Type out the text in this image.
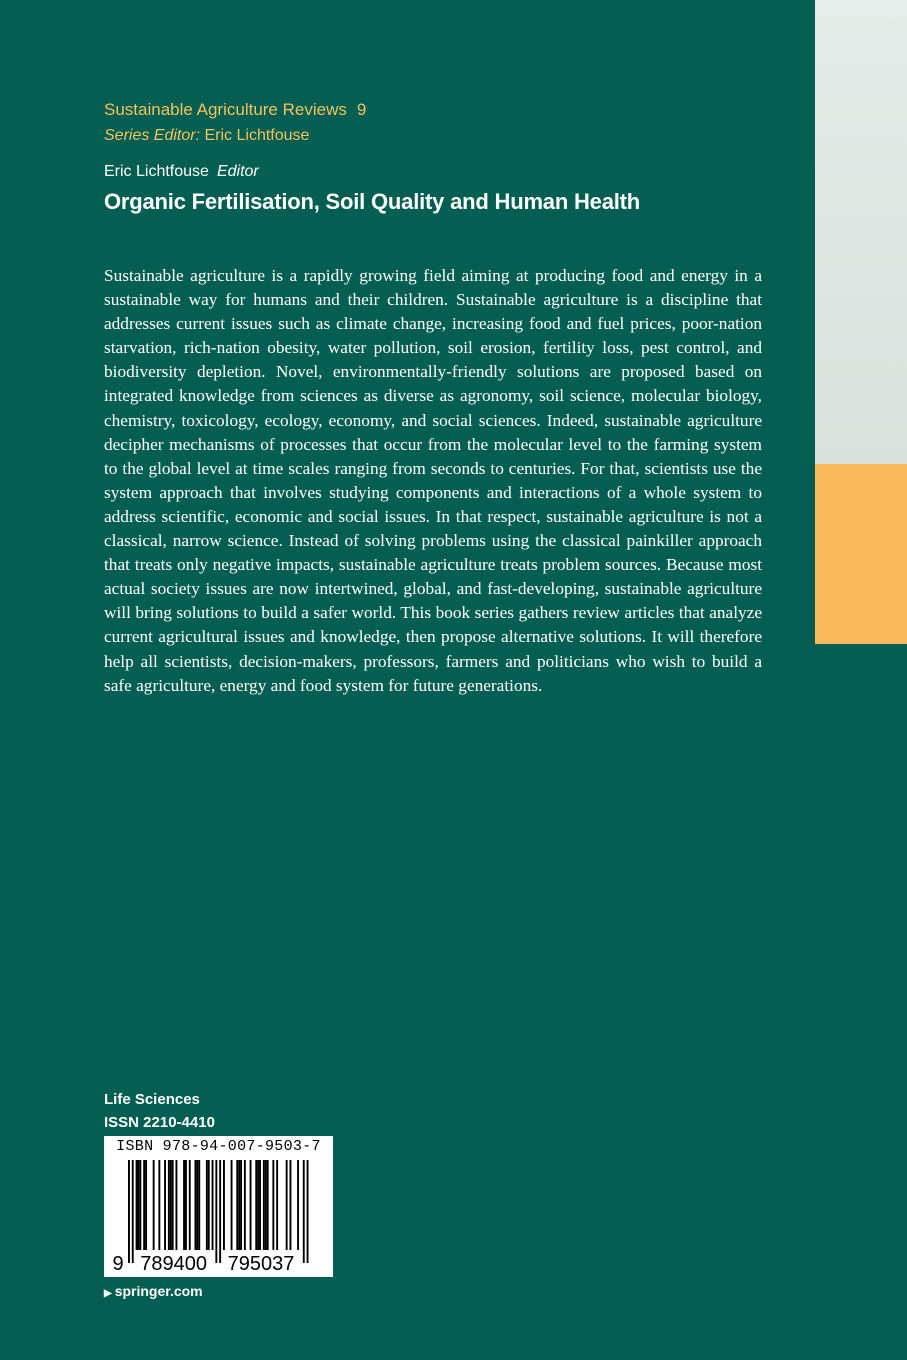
Sustainable Agriculture Reviews 9
Series Editor: Eric Lichtfouse
Eric Lichtfouse Editor
Organic Fertilisation, Soil Quality and Human Health

Sustainable agriculture is a rapidly growing field aiming at producing food and energy in a sustainable way for humans and their children. Sustainable agriculture is a discipline that addresses current issues such as climate change, increasing food and fuel prices, poor-nation starvation, rich-nation obesity, water pollution, soil erosion, fertility loss, pest control, and biodiversity depletion. Novel, environmentally-friendly solutions are proposed based on integrated knowledge from sciences as diverse as agronomy, soil science, molecular biology, chemistry, toxicology, ecology, economy, and social sciences. Indeed, sustainable agriculture decipher mechanisms of processes that occur from the molecular level to the farming system to the global level at time scales ranging from seconds to centuries. For that, scientists use the system approach that involves studying components and interactions of a whole system to address scientific, economic and social issues. In that respect, sustainable agriculture is not a classical, narrow science. Instead of solving problems using the classical painkiller approach that treats only negative impacts, sustainable agriculture treats problem sources. Because most actual society issues are now intertwined, global, and fast-developing, sustainable agriculture will bring solutions to build a safer world. This book series gathers review articles that analyze current agricultural issues and knowledge, then propose alternative solutions. It will therefore help all scientists, decision-makers, professors, farmers and politicians who wish to build a safe agriculture, energy and food system for future generations.

Life Sciences
ISSN 2210-4410
ISBN 978-94-007-9503-7
9 789400 795037
▶ springer.com
